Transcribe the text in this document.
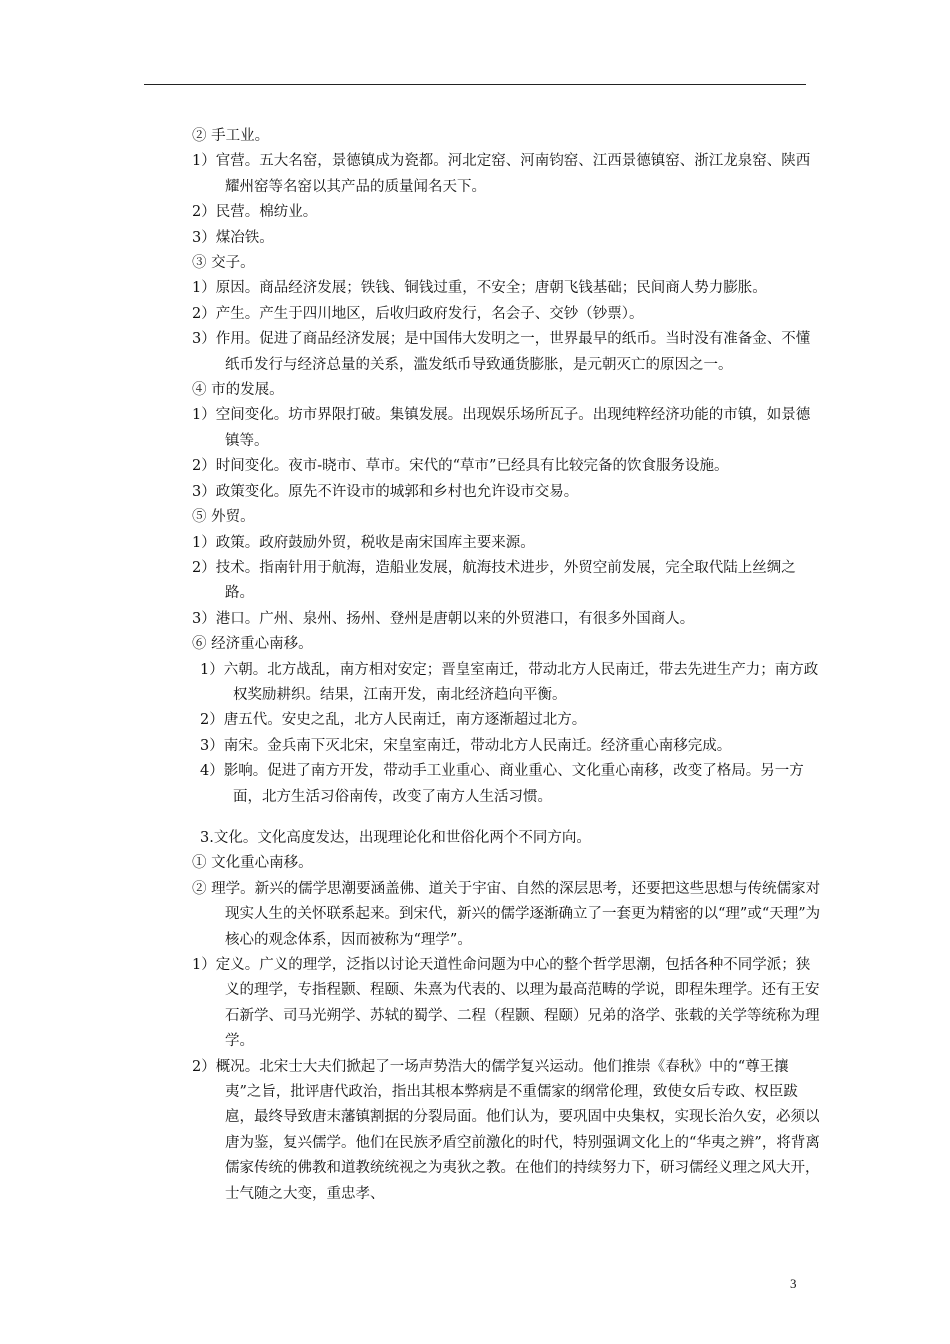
② 手工业。

1）官营。五大名窑，景德镇成为瓷都。河北定窑、河南钧窑、江西景德镇窑、浙江龙泉窑、陕西耀州窑等名窑以其产品的质量闻名天下。

2）民营。棉纺业。

3）煤冶铁。

③ 交子。

1）原因。商品经济发展；铁钱、铜钱过重，不安全；唐朝飞钱基础；民间商人势力膨胀。

2）产生。产生于四川地区，后收归政府发行，名会子、交钞（钞票）。

3）作用。促进了商品经济发展；是中国伟大发明之一，世界最早的纸币。当时没有准备金、不懂纸币发行与经济总量的关系，滥发纸币导致通货膨胀，是元朝灭亡的原因之一。

④ 市的发展。

1）空间变化。坊市界限打破。集镇发展。出现娱乐场所瓦子。出现纯粹经济功能的市镇，如景德镇等。

2）时间变化。夜市-晓市、草市。宋代的“草市”已经具有比较完备的饮食服务设施。

3）政策变化。原先不许设市的城郭和乡村也允许设市交易。

⑤ 外贸。

1）政策。政府鼓励外贸，税收是南宋国库主要来源。

2）技术。指南针用于航海，造船业发展，航海技术进步，外贸空前发展，完全取代陆上丝绸之路。

3）港口。广州、泉州、扬州、登州是唐朝以来的外贸港口，有很多外国商人。

⑥ 经济重心南移。

1）六朝。北方战乱，南方相对安定；晋皇室南迁，带动北方人民南迁，带去先进生产力；南方政权奖励耕织。结果，江南开发，南北经济趋向平衡。

2）唐五代。安史之乱，北方人民南迁，南方逐渐超过北方。

3）南宋。金兵南下灭北宋，宋皇室南迁，带动北方人民南迁。经济重心南移完成。

4）影响。促进了南方开发，带动手工业重心、商业重心、文化重心南移，改变了格局。另一方面，北方生活习俗南传，改变了南方人生活习惯。

3.文化。文化高度发达，出现理论化和世俗化两个不同方向。

① 文化重心南移。

② 理学。新兴的儒学思潮要涵盖佛、道关于宇宙、自然的深层思考，还要把这些思想与传统儒家对现实人生的关怀联系起来。到宋代，新兴的儒学逐渐确立了一套更为精密的以“理”或“天理”为核心的观念体系，因而被称为“理学”。

1）定义。广义的理学，泛指以讨论天道性命问题为中心的整个哲学思潮，包括各种不同学派；狭义的理学，专指程颢、程颐、朱熹为代表的、以理为最高范畴的学说，即程朱理学。还有王安石新学、司马光朔学、苏轼的蜀学、二程（程颢、程颐）兄弟的洛学、张载的关学等统称为理学。

2）概况。北宋士大夫们掀起了一场声势浩大的儒学复兴运动。他们推崇《春秋》中的“尊王攘夷”之旨，批评唐代政治，指出其根本弊病是不重儒家的纲常伦理，致使女后专政、权臣跋扈，最终导致唐末藩镇割据的分裂局面。他们认为，要巩固中央集权，实现长治久安，必须以唐为鉴，复兴儒学。他们在民族矛盾空前激化的时代，特别强调文化上的“华夷之辨”，将背离儒家传统的佛教和道教统统视之为夷狄之教。在他们的持续努力下，研习儒经义理之风大开，士气随之大变，重忠孝、

3
